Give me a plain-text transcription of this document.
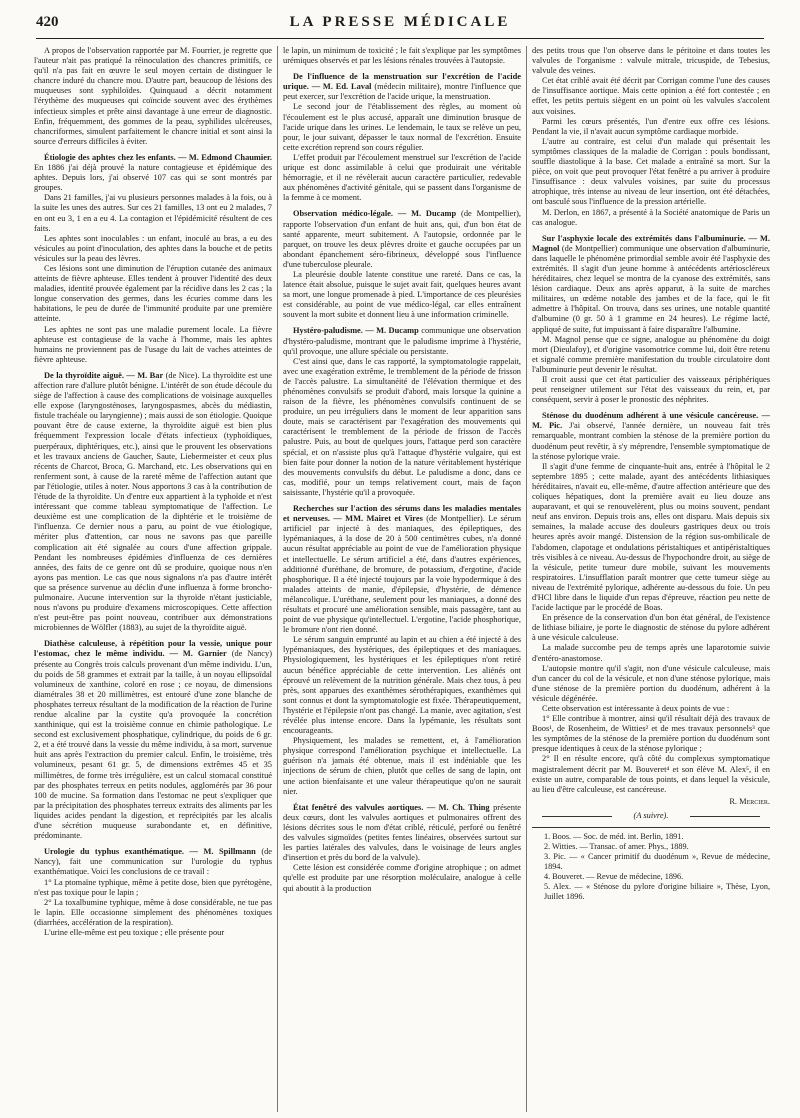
420	LA PRESSE MÉDICALE

A propos de l'observation rapportée par M. Fourrier, je regrette que l'auteur n'ait pas pratiqué la réinoculation des chancres primitifs, ce qu'il n'a pas fait en œuvre le seul moyen certain de distinguer le chancre induré du chancre mou. D'autre part, beaucoup de lésions des muqueuses sont syphiloïdes. Quinquaud a décrit notamment l'érythème des muqueuses qui coïncide souvent avec des érythèmes infectieux simples et prête ainsi davantage à une erreur de diagnostic. Enfin, fréquemment, des gommes de la peau, syphilides ulcéreuses, chancriformes, simulent parfaitement le chancre initial et sont ainsi la source d'erreurs difficiles à éviter.

Étiologie des aphtes chez les enfants. — M. Edmond Chaumier. En 1886 j'ai déjà prouvé la nature contagieuse et épidémique des aphtes. Depuis lors, j'ai observé 107 cas qui se sont montrés par groupes.

Dans 21 familles, j'ai vu plusieurs personnes malades à la fois, ou à la suite les unes des autres. Sur ces 21 familles, 13 ont eu 2 malades, 7 en ont eu 3, 1 en a eu 4. La contagion et l'épidémicité résultent de ces faits.

Les aphtes sont inoculables : un enfant, inoculé au bras, a eu des vésicules au point d'inoculation, des aphtes dans la bouche et de petits vésicules sur la peau des lèvres.

Ces lésions sont une diminution de l'éruption cutanée des animaux atteints de fièvre aphteuse. Elles tendent à prouver l'identité des deux maladies, identité prouvée également par la récidive dans les 2 cas ; la longue conservation des germes, dans les écuries comme dans les habitations, le peu de durée de l'immunité produite par une première atteinte.

Les aphtes ne sont pas une maladie purement locale. La fièvre aphteuse est contagieuse de la vache à l'homme, mais les aphtes humains ne proviennent pas de l'usage du lait de vaches atteintes de fièvre aphteuse.

De la thyroïdite aiguë. — M. Bar (de Nice). La thyroïdite est une affection rare d'allure plutôt bénigne. L'intérêt de son étude découle du siège de l'affection à cause des complications de voisinage auxquelles elle expose (laryngosténoses, laryngospasmes, abcès du médiastin, fistule trachéale ou laryngienne) ; mais aussi de son étiologie. Quoique pouvant être de cause externe, la thyroïdite aiguë est bien plus fréquemment l'expression locale d'états infectieux (typhoïdiques, puerpéraux, diphtériques, etc.), ainsi que le prouvent les observations et les travaux anciens de Gaucher, Saute, Liebermeister et ceux plus récents de Charcot, Broca, G. Marchand, etc. Les observations qui en renferment sont, à cause de la rareté même de l'affection autant que par l'étiologie, utiles à noter. Nous apportons 3 cas à la contribution de l'étude de la thyroïdite. Un d'entre eux appartient à la typhoïde et n'est intéressant que comme tableau symptomatique de l'affection. Le deuxième est une complication de la diphtérie et le troisième de l'influenza. Ce dernier nous a paru, au point de vue étiologique, mériter plus d'attention, car nous ne savons pas que pareille complication ait été signalée au cours d'une affection grippale. Pendant les nombreuses épidémies d'influenza de ces dernières années, des faits de ce genre ont dû se produire, quoique nous n'en ayons pas mention. Le cas que nous signalons n'a pas d'autre intérêt que sa présence survenue au déclin d'une influenza à forme broncho-pulmonaire. Aucune intervention sur la thyroïde n'étant justiciable, nous n'avons pu produire d'examens microscopiques. Cette affection n'est peut-être pas point nouveau, contribuer aux démonstrations microbiennes de Wölfler (1883), au sujet de la thyroïdite aiguë.

Diathèse calculeuse, à répétition pour la vessie, unique pour l'estomac, chez le même individu. — M. Garnier (de Nancy) présente au Congrès trois calculs provenant d'un même individu. L'un, du poids de 58 grammes et extrait par la taille, à un noyau ellipsoïdal volumineux de xanthine, coloré en rose ; ce noyau, de dimensions diamétrales 38 et 20 millimètres, est entouré d'une zone blanche de phosphates terreux résultant de la modification de la réaction de l'urine rendue alcaline par la cystite qu'a provoquée la concrétion xanthinique, qui est la troisième connue en chimie pathologique. Le second est exclusivement phosphatique, cylindrique, du poids de 6 gr. 2, et a été trouvé dans la vessie du même individu, à sa mort, survenue huit ans après l'extraction du premier calcul. Enfin, le troisième, très volumineux, pesant 61 gr. 5, de dimensions extrêmes 45 et 35 millimètres, de forme très irrégulière, est un calcul stomacal constitué par des phosphates terreux en petits nodules, agglomérés par 36 pour 100 de mucine. Sa formation dans l'estomac ne peut s'expliquer que par la précipitation des phosphates terreux extraits des aliments par les liquides acides pendant la digestion, et reprécipités par les alcalis d'une sécrétion muqueuse surabondante et, en définitive, prédominante.

Urologie du typhus exanthématique. — M. Spillmann (de Nancy), fait une communication sur l'urologie du typhus exanthématique. Voici les conclusions de ce travail :

1° La ptomaïne typhique, même à petite dose, bien que pyrétogène, n'est pas toxique pour le lapin ;

2° La toxalbumine typhique, même à dose considérable, ne tue pas le lapin. Elle occasionne simplement des phénomènes toxiques (diarrhées, accélération de la respiration).

L'urine elle-même est peu toxique ; elle présente pour

le lapin, un minimum de toxicité ; le fait s'explique par les symptômes urémiques observés et par les lésions rénales trouvées à l'autopsie.

De l'influence de la menstruation sur l'excrétion de l'acide urique. — M. Ed. Laval (médecin militaire), montre l'influence que peut exercer, sur l'excrétion de l'acide urique, la menstruation.

Le second jour de l'établissement des règles, au moment où l'écoulement est le plus accusé, apparaît une diminution brusque de l'acide urique dans les urines. Le lendemain, le taux se relève un peu, pour, le jour suivant, dépasser le taux normal de l'excrétion. Ensuite cette excrétion reprend son cours régulier.

L'effet produit par l'écoulement menstruel sur l'excrétion de l'acide urique est donc assimilable à celui que produirait une véritable hémorragie, et il ne révèlerait aucun caractère particulier, redevable aux phénomènes d'activité génitale, qui se passent dans l'organisme de la femme à ce moment.

Observation médico-légale. — M. Ducamp (de Montpellier), rapporte l'observation d'un enfant de huit ans, qui, d'un bon état de santé apparente, meurt subitement. A l'autopsie, ordonnée par le parquet, on trouve les deux plèvres droite et gauche occupées par un abondant épanchement séro-fibrineux, développé sous l'influence d'une tuberculose pleurale.

La pleurésie double latente constitue une rareté. Dans ce cas, la latence était absolue, puisque le sujet avait fait, quelques heures avant sa mort, une longue promenade à pied. L'importance de ces pleurésies est considérable, au point de vue médico-légal, car elles entraînent souvent la mort subite et donnent lieu à une information criminelle.

Hystéro-paludisme. — M. Ducamp communique une observation d'hystéro-paludisme, montrant que le paludisme imprime à l'hystérie, qu'il provoque, une allure spéciale ou persistante.

C'est ainsi que, dans le cas rapporté, la symptomatologie rappelait, avec une exagération extrême, le tremblement de la période de frisson de l'accès palustre. La simultanéité de l'élévation thermique et des phénomènes convulsifs se produit d'abord, mais lorsque la quinine a raison de la fièvre, les phénomènes convulsifs continuent de se produire, un peu irréguliers dans le moment de leur apparition sans doute, mais se caractérisent par l'exagération des mouvements qui caractérisent le tremblement de la période de frisson de l'accès palustre. Puis, au bout de quelques jours, l'attaque perd son caractère spécial, et on n'assiste plus qu'à l'attaque d'hystérie vulgaire, qui est bien faite pour donner la notion de la nature véritablement hystérique des mouvements convulsifs du début. Le paludisme a donc, dans ce cas, modifié, pour un temps relativement court, mais de façon saisissante, l'hystérie qu'il a provoquée.

Recherches sur l'action des sérums dans les maladies mentales et nerveuses. — MM. Mairet et Vires (de Montpellier). Le sérum artificiel par injecté à des maniaques, des épileptiques, des lypémaniaques, à la dose de 20 à 500 centimètres cubes, n'a donné aucun résultat appréciable au point de vue de l'amélioration physique et intellectuelle. Le sérum artificiel a été, dans d'autres expériences, additionné d'uréthane, de bromure, de potassium, d'ergotine, d'acide phosphorique. Il a été injecté toujours par la voie hypodermique à des malades atteints de manie, d'épilepsie, d'hystérie, de démence mélancolique. L'uréthane, seulement pour les maniaques, a donné des résultats et procuré une amélioration sensible, mais passagère, tant au point de vue physique qu'intellectuel. L'ergotine, l'acide phosphorique, le bromure n'ont rien donné.

Le sérum sanguin emprunté au lapin et au chien a été injecté à des lypémaniaques, des hystériques, des épileptiques et des maniaques. Physiologiquement, les hystériques et les épileptiques n'ont retiré aucun bénéfice appréciable de cette intervention. Les aliénés ont éprouvé un relèvement de la nutrition générale. Mais chez tous, à peu près, sont apparues des exanthèmes sérothérapiques, exanthèmes qui sont connus et dont la symptomatologie est fixée. Thérapeutiquement, l'hystérie et l'épilepsie n'ont pas changé. La manie, avec agitation, s'est révélée plus intense encore. Dans la lypémanie, les résultats sont encourageants.

Physiquement, les malades se remettent, et, à l'amélioration physique correspond l'amélioration psychique et intellectuelle. La guérison n'a jamais été obtenue, mais il est indéniable que les injections de sérum de chien, plutôt que celles de sang de lapin, ont une action bienfaisante et une valeur thérapeutique qu'on ne saurait nier.

État fenêtré des valvules aortiques. — M. Ch. Thing présente deux cœurs, dont les valvules aortiques et pulmonaires offrent des lésions décrites sous le nom d'état criblé, réticulé, perforé ou fenêtré des valvules sigmoïdes (petites fentes linéaires, observées surtout sur les parties latérales des valvules, dans le voisinage de leurs angles d'insertion et près du bord de la valvule).

Cette lésion est considérée comme d'origine atrophique ; on admet qu'elle est produite par une résorption moléculaire, analogue à celle qui aboutit à la production

des petits trous que l'on observe dans le péritoine et dans toutes les valvules de l'organisme : valvule mitrale, tricuspide, de Tebesius, valvule des veines.

Cet état criblé avait été décrit par Corrigan comme l'une des causes de l'insuffisance aortique. Mais cette opinion a été fort contestée ; en effet, les petits pertuis siègent en un point où les valvules s'accolent aux voisines.

Parmi les cœurs présentés, l'un d'entre eux offre ces lésions. Pendant la vie, il n'avait aucun symptôme cardiaque morbide.

L'autre au contraire, est celui d'un malade qui présentait les symptômes classiques de la maladie de Corrigan : pouls bondissant, souffle diastolique à la base. Cet malade a entraîné sa mort. Sur la pièce, on voit que peut provoquer l'état fenêtré a pu arriver à produire l'insuffisance : deux valvules voisines, par suite du processus atrophique, très intense au niveau de leur insertion, ont été détachées, ont basculé sous l'influence de la pression artérielle.

M. Derlon, en 1867, a présenté à la Société anatomique de Paris un cas analogue.

Sur l'asphyxie locale des extrémités dans l'albuminurie. — M. Magnol (de Montpellier) communique une observation d'albuminurie, dans laquelle le phénomène primordial semble avoir été l'asphyxie des extrémités. Il s'agit d'un jeune homme à antécédents artérioscléreux héréditaires, chez lequel se montra de la cyanose des extrémités, sans lésion cardiaque. Deux ans après apparut, à la suite de marches militaires, un œdème notable des jambes et de la face, qui le fit admettre à l'hôpital. On trouva, dans ses urines, une notable quantité d'albumine (0 gr. 50 à 1 gramme en 24 heures). Le régime lacté, appliqué de suite, fut impuissant à faire disparaître l'albumine.

M. Magnol pense que ce signe, analogue au phénomène du doigt mort (Dieulafoy), et d'origine vasomotrice comme lui, doit être retenu et signalé comme première manifestation du trouble circulatoire dont l'albuminurie peut devenir le résultat.

Il croit aussi que cet état particulier des vaisseaux périphériques peut renseigner utilement sur l'état des vaisseaux du rein, et, par conséquent, servir à poser le pronostic des néphrites.

Sténose du duodénum adhérent à une vésicule cancéreuse. — M. Pic. J'ai observé, l'année dernière, un nouveau fait très remarquable, montrant combien la sténose de la première portion du duodénum peut revêtir, à s'y méprendre, l'ensemble symptomatique de la sténose pylorique vraie.

Il s'agit d'une femme de cinquante-huit ans, entrée à l'hôpital le 2 septembre 1895 ; cette malade, ayant des antécédents lithiasiques héréditaires, n'avait eu, elle-même, d'autre affection antérieure que des coliques hépatiques, dont la première avait eu lieu douze ans auparavant, et qui se renouvelèrent, plus ou moins souvent, pendant neuf ans environ. Depuis trois ans, elles ont disparu. Mais depuis six semaines, la malade accuse des douleurs gastriques deux ou trois heures après avoir mangé. Distension de la région sus-ombilicale de l'abdomen, clapotage et ondulations péristaltiques et antipéristaltiques très visibles à ce niveau. Au-dessus de l'hypochondre droit, au siège de la vésicule, petite tumeur dure mobile, suivant les mouvements respiratoires. L'insufflation paraît montrer que cette tumeur siège au niveau de l'extrémité pylorique, adhérente au-dessous du foie. Un peu d'HCl libre dans le liquide d'un repas d'épreuve, réaction peu nette de l'acide lactique par le procédé de Boas.

En présence de la conservation d'un bon état général, de l'existence de lithiase biliaire, je porte le diagnostic de sténose du pylore adhérent à une vésicule calculeuse.

La malade succombe peu de temps après une laparotomie suivie d'entéro-anastomose.

L'autopsie montre qu'il s'agit, non d'une vésicule calculeuse, mais d'un cancer du col de la vésicule, et non d'une sténose pylorique, mais d'une sténose de la première portion du duodénum, adhérent à la vésicule dégénérée.

Cette observation est intéressante à deux points de vue :

1° Elle contribue à montrer, ainsi qu'il résultait déjà des travaux de Boos¹, de Rosenheim, de Witties² et de mes travaux personnels³ que les symptômes de la sténose de la première portion du duodénum sont presque identiques à ceux de la sténose pylorique ;

2° Il en résulte encore, qu'à côté du complexus symptomatique magistralement décrit par M. Bouveret⁴ et son élève M. Alex⁵, il en existe un autre, comparable de tous points, et dans lequel la vésicule, au lieu d'être calculeuse, est cancéreuse.

R. Mercier.
(A suivre).

1. Boos. — Soc. de méd. int. Berlin, 1891.

2. Witties. — Transac. of amer. Phys., 1889.

3. Pic. — « Cancer primitif du duodénum », Revue de médecine, 1894.

4. Bouveret. — Revue de médecine, 1896.

5. Alex. — « Sténose du pylore d'origine biliaire », Thèse, Lyon, Juillet 1896.
